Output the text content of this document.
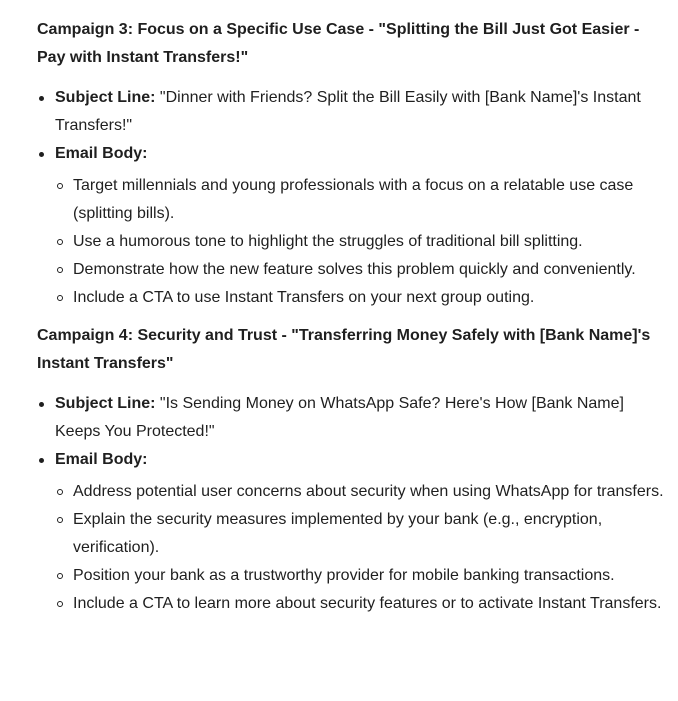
Campaign 3: Focus on a Specific Use Case - "Splitting the Bill Just Got Easier - Pay with Instant Transfers!"

Subject Line: "Dinner with Friends? Split the Bill Easily with [Bank Name]'s Instant Transfers!"
Email Body:
Target millennials and young professionals with a focus on a relatable use case (splitting bills).
Use a humorous tone to highlight the struggles of traditional bill splitting.
Demonstrate how the new feature solves this problem quickly and conveniently.
Include a CTA to use Instant Transfers on your next group outing.

Campaign 4: Security and Trust - "Transferring Money Safely with [Bank Name]'s Instant Transfers"

Subject Line: "Is Sending Money on WhatsApp Safe? Here's How [Bank Name] Keeps You Protected!"
Email Body:
Address potential user concerns about security when using WhatsApp for transfers.
Explain the security measures implemented by your bank (e.g., encryption, verification).
Position your bank as a trustworthy provider for mobile banking transactions.
Include a CTA to learn more about security features or to activate Instant Transfers.
